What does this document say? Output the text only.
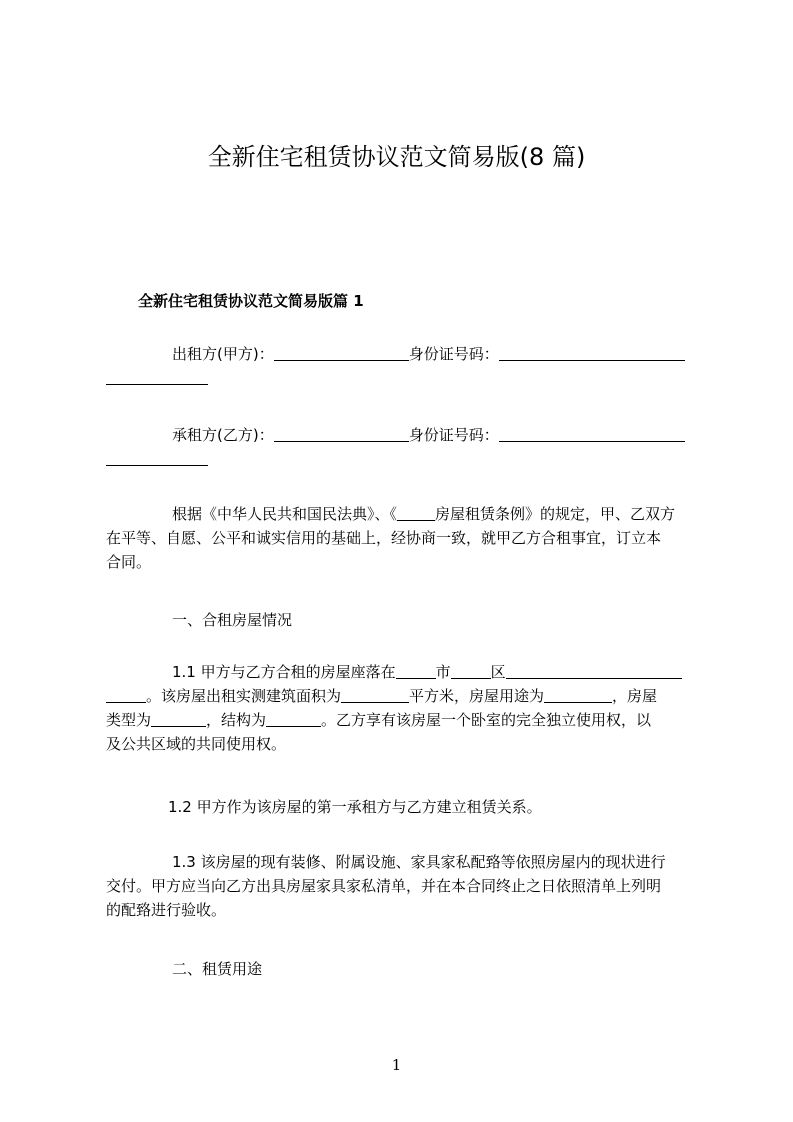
全新住宅租赁协议范文简易版(8 篇)
全新住宅租赁协议范文简易版篇 1
出租方(甲方)：	身份证号码：
承租方(乙方)：	身份证号码：
根据《中华人民共和国民法典》、《	房屋租赁条例》的规定，甲、乙双方
在平等、自愿、公平和诚实信用的基础上，经协商一致，就甲乙方合租事宜，订立本
合同。

一、合租房屋情况

1.1 甲方与乙方合租的房屋座落在	市	区
。该房屋出租实测建筑面积为	平方米，房屋用途为	，房屋
类型为	，结构为	。乙方享有该房屋一个卧室的完全独立使用权，以
及公共区域的共同使用权。
1.2 甲方作为该房屋的第一承租方与乙方建立租赁关系。
1.3 该房屋的现有装修、附属设施、家具家私配臵等依照房屋内的现状进行
交付。甲方应当向乙方出具房屋家具家私清单，并在本合同终止之日依照清单上列明
的配臵进行验收。

二、租赁用途

1
